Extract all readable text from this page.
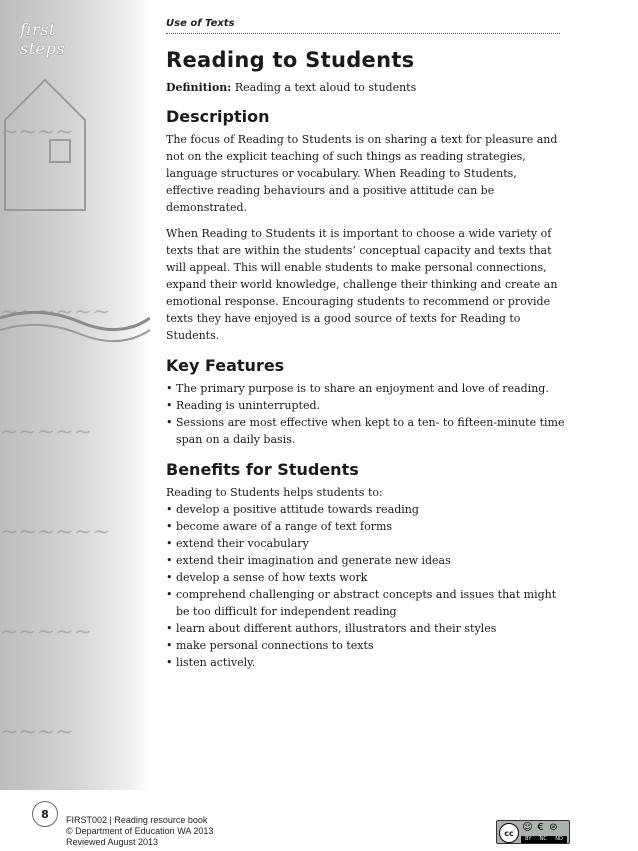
~~~~
~~~~~~
~~~~~
~~~~~~
~~~~~
~~~~
first steps
Use of Texts
Reading to Students
Definition: Reading a text aloud to students
Description

The focus of Reading to Students is on sharing a text for pleasure and not on the explicit teaching of such things as reading strategies, language structures or vocabulary. When Reading to Students, effective reading behaviours and a positive attitude can be demonstrated.

When Reading to Students it is important to choose a wide variety of texts that are within the students’ conceptual capacity and texts that will appeal. This will enable students to make personal connections, expand their world knowledge, challenge their thinking and create an emotional response. Encouraging students to recommend or provide texts they have enjoyed is a good source of texts for Reading to Students.

Key Features
• The primary purpose is to share an enjoyment and love of reading.
• Reading is uninterrupted.
• Sessions are most effective when kept to a ten- to fifteen-minute time span on a daily basis.
Benefits for Students

Reading to Students helps students to:

• develop a positive attitude towards reading
• become aware of a range of text forms
• extend their vocabulary
• extend their imagination and generate new ideas
• develop a sense of how texts work
• comprehend challenging or abstract concepts and issues that might be too difficult for independent reading
• learn about different authors, illustrators and their styles
• make personal connections to texts
• listen actively.
8	FIRST002 | Reading resource book
© Department of Education WA 2013
Reviewed August 2013
cc ☺ € ⊜
BY NC ND
